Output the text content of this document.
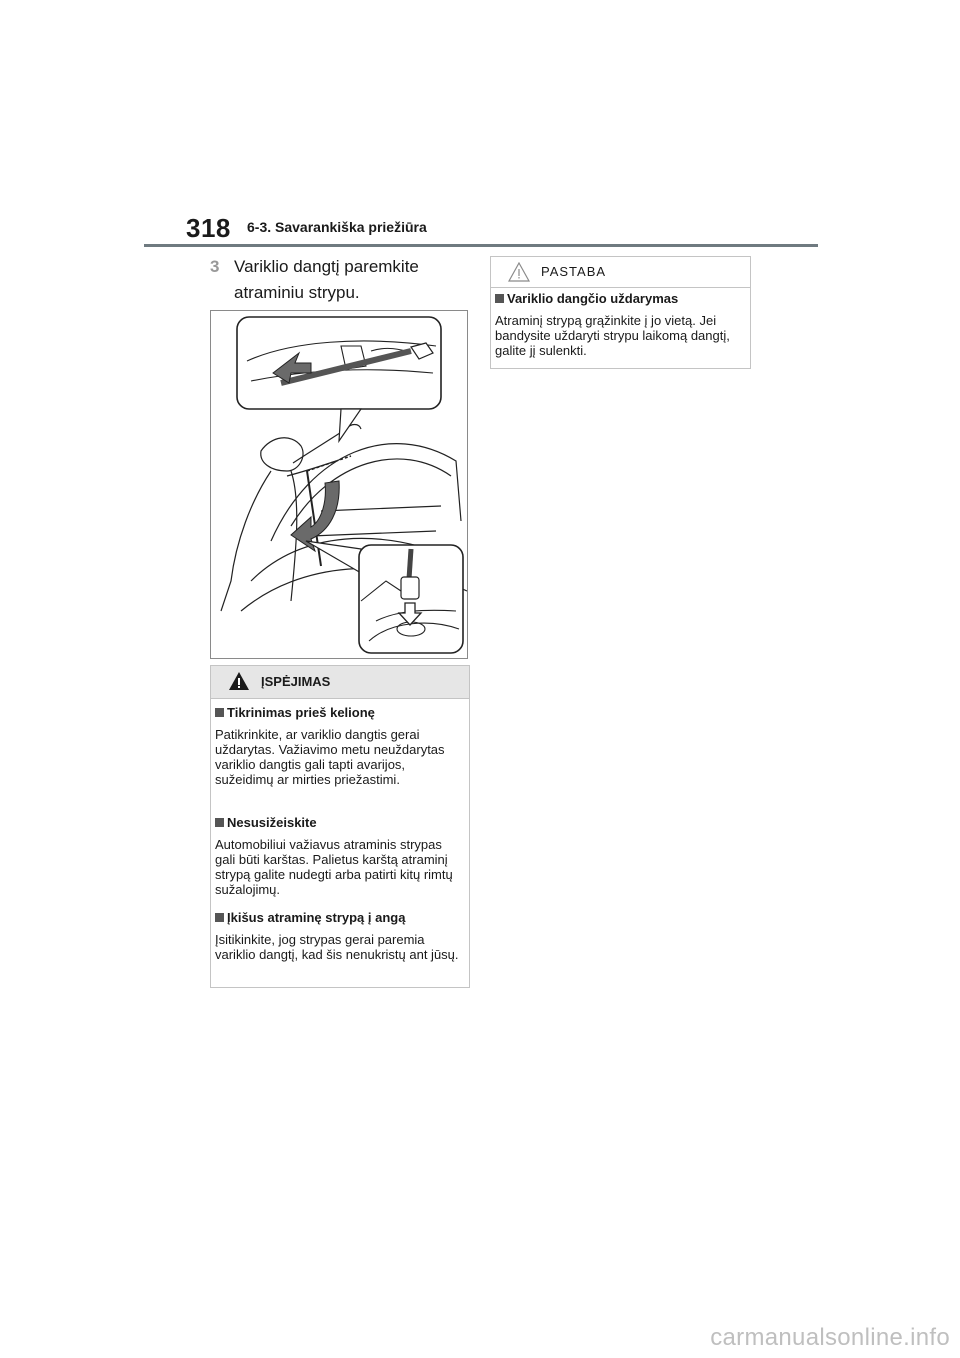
318 6-3. Savarankiška priežiūra
3 Variklio dangtį paremkite atraminiu strypu.
ĮSPĖJIMAS
Tikrinimas prieš kelionę
Patikrinkite, ar variklio dangtis gerai uždarytas. Važiavimo metu neuždarytas variklio dangtis gali tapti avarijos, sužeidimų ar mirties priežastimi.
Nesusižeiskite
Automobiliui važiavus atraminis strypas gali būti karštas. Palietus karštą atraminį strypą galite nudegti arba patirti kitų rimtų sužalojimų.
Įkišus atraminę strypą į angą
Įsitikinkite, jog strypas gerai paremia variklio dangtį, kad šis nenukristų ant jūsų.
PASTABA
Variklio dangčio uždarymas
Atraminį strypą grąžinkite į jo vietą. Jei bandysite uždaryti strypu laikomą dangtį, galite jį sulenkti.
carmanualsonline.info
